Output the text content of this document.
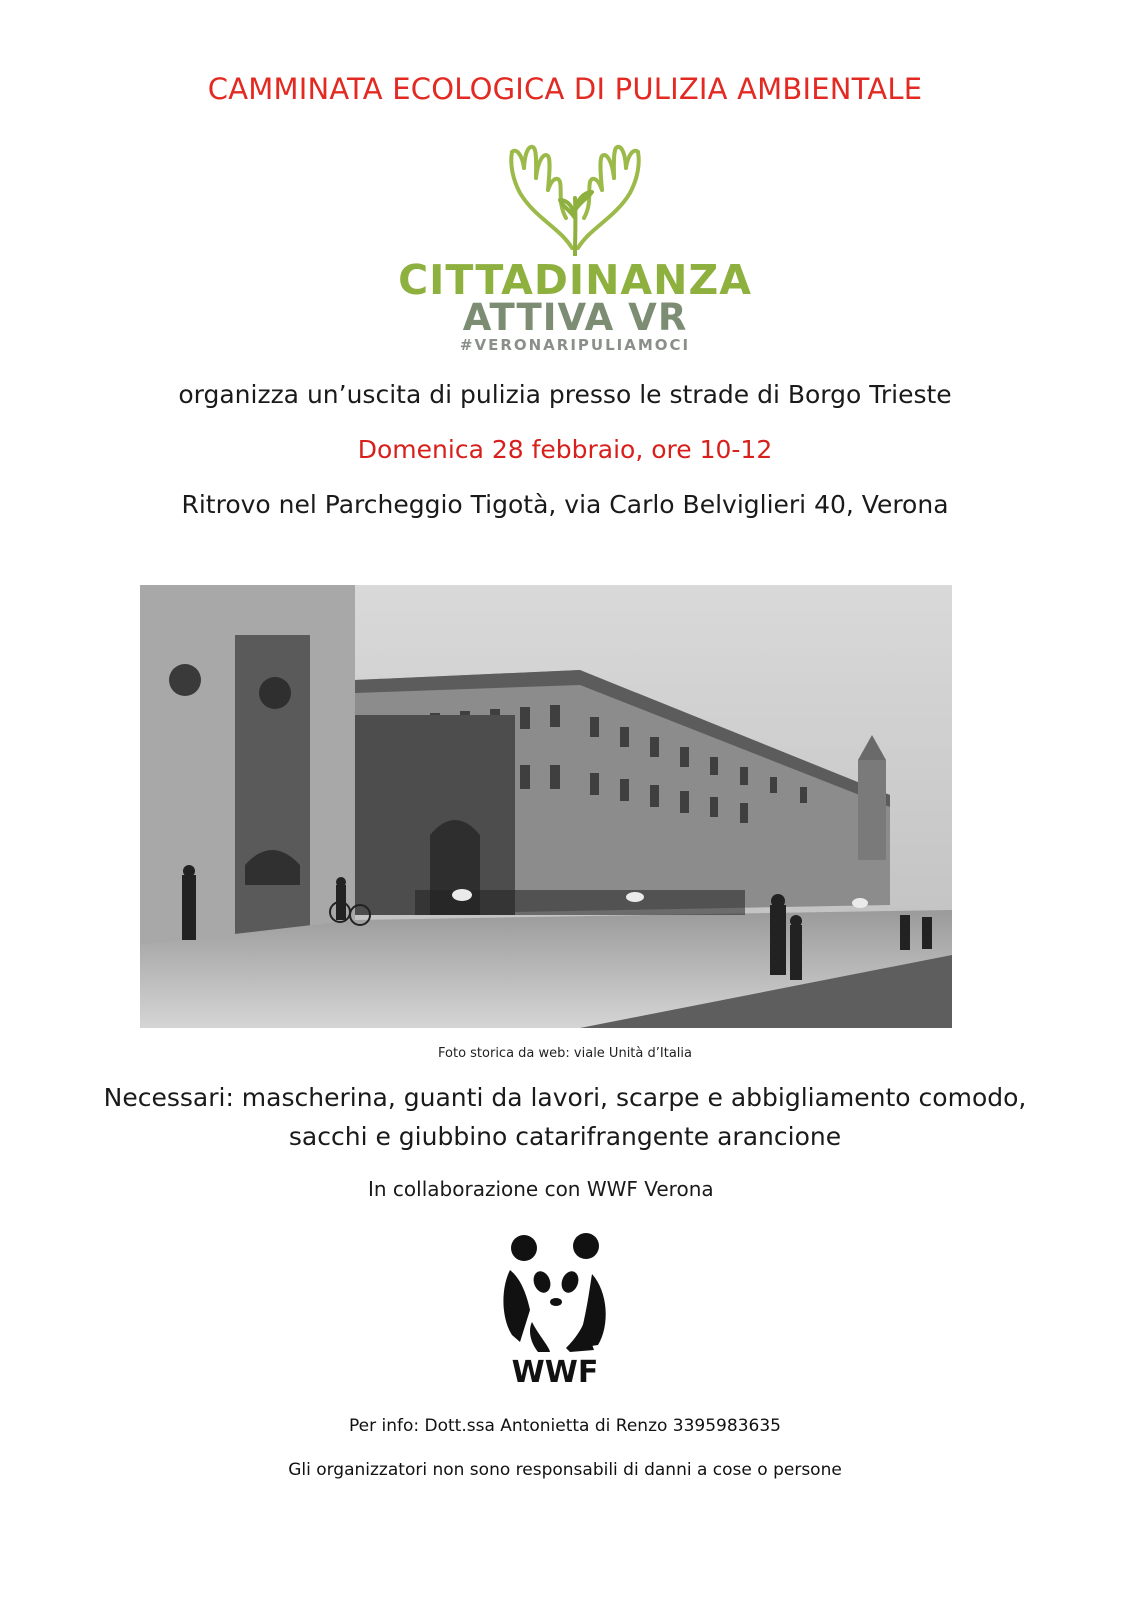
CAMMINATA ECOLOGICA DI PULIZIA AMBIENTALE
CITTADINANZA
ATTIVA VR
#VERONARIPULIAMOCI
organizza un’uscita di pulizia presso le strade di Borgo Trieste
Domenica 28 febbraio, ore 10-12
Ritrovo nel Parcheggio Tigotà, via Carlo Belviglieri 40, Verona
Foto storica da web: viale Unità d’Italia
Necessari: mascherina, guanti da lavori, scarpe e abbigliamento comodo,
sacchi e giubbino catarifrangente arancione
In collaborazione con WWF Verona
WWF
Per info: Dott.ssa Antonietta di Renzo 3395983635
Gli organizzatori non sono responsabili di danni a cose o persone
